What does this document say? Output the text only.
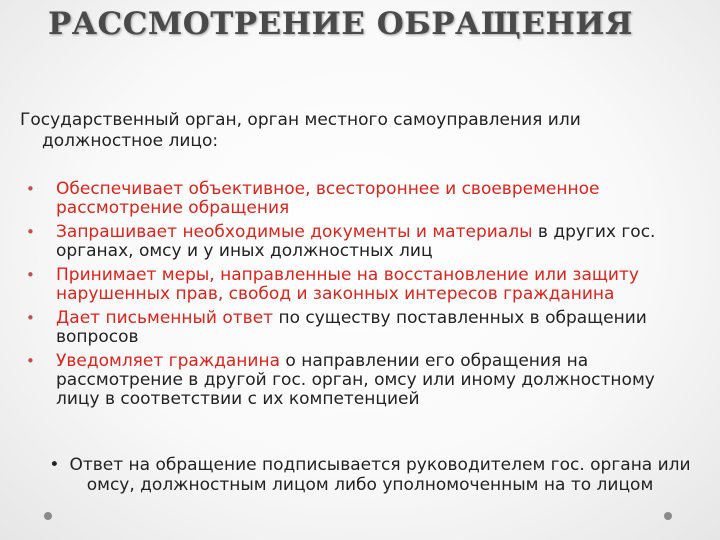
РАССМОТРЕНИЕ ОБРАЩЕНИЯ
Государственный орган, орган местного самоуправления или
должностное лицо:
• Обеспечивает объективное, всестороннее и своевременное
рассмотрение обращения
• Запрашивает необходимые документы и материалы в других гос. органах, омсу и у иных должностных лиц
• Принимает меры, направленные на восстановление или защиту нарушенных прав, свобод и законных интересов гражданина
• Дает письменный ответ по существу поставленных в обращении вопросов
• Уведомляет гражданина о направлении его обращения на рассмотрение в другой гос. орган, омсу или иному должностному лицу в соответствии с их компетенцией
• Ответ на обращение подписывается руководителем гос. органа или омсу, должностным лицом либо уполномоченным на то лицом
